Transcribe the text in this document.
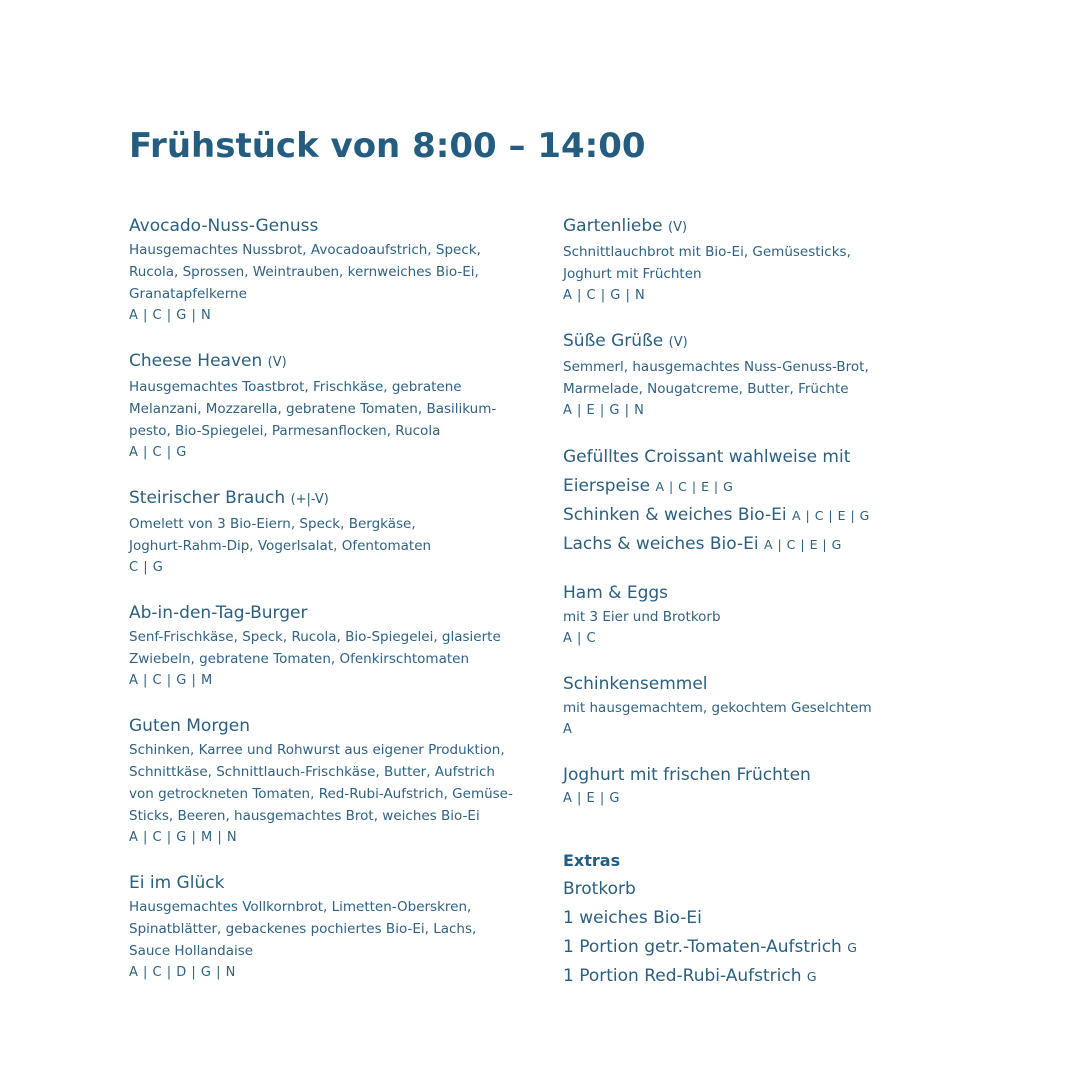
Frühstück von 8:00 – 14:00
Avocado-Nuss-Genuss
Hausgemachtes Nussbrot, Avocadoaufstrich, Speck,
Rucola, Sprossen, Weintrauben, kernweiches Bio-Ei,
Granatapfelkerne
A | C | G | N
Cheese Heaven (V)
Hausgemachtes Toastbrot, Frischkäse, gebratene
Melanzani, Mozzarella, gebratene Tomaten, Basilikum-
pesto, Bio-Spiegelei, Parmesanflocken, Rucola
A | C | G
Steirischer Brauch (+|-V)
Omelett von 3 Bio-Eiern, Speck, Bergkäse,
Joghurt-Rahm-Dip, Vogerlsalat, Ofentomaten
C | G
Ab-in-den-Tag-Burger
Senf-Frischkäse, Speck, Rucola, Bio-Spiegelei, glasierte
Zwiebeln, gebratene Tomaten, Ofenkirschtomaten
A | C | G | M
Guten Morgen
Schinken, Karree und Rohwurst aus eigener Produktion,
Schnittkäse, Schnittlauch-Frischkäse, Butter, Aufstrich
von getrockneten Tomaten, Red-Rubi-Aufstrich, Gemüse-
Sticks, Beeren, hausgemachtes Brot, weiches Bio-Ei
A | C | G | M | N
Ei im Glück
Hausgemachtes Vollkornbrot, Limetten-Oberskren,
Spinatblätter, gebackenes pochiertes Bio-Ei, Lachs,
Sauce Hollandaise
A | C | D | G | N
Gartenliebe (V)
Schnittlauchbrot mit Bio-Ei, Gemüsesticks,
Joghurt mit Früchten
A | C | G | N
Süße Grüße (V)
Semmerl, hausgemachtes Nuss-Genuss-Brot,
Marmelade, Nougatcreme, Butter, Früchte
A | E | G | N
Gefülltes Croissant wahlweise mit
Eierspeise A | C | E | G
Schinken & weiches Bio-Ei A | C | E | G
Lachs & weiches Bio-Ei A | C | E | G
Ham & Eggs
mit 3 Eier und Brotkorb
A | C
Schinkensemmel
mit hausgemachtem, gekochtem Geselchtem
A
Joghurt mit frischen Früchten
A | E | G
Extras
Brotkorb
1 weiches Bio-Ei
1 Portion getr.-Tomaten-Aufstrich G
1 Portion Red-Rubi-Aufstrich G
